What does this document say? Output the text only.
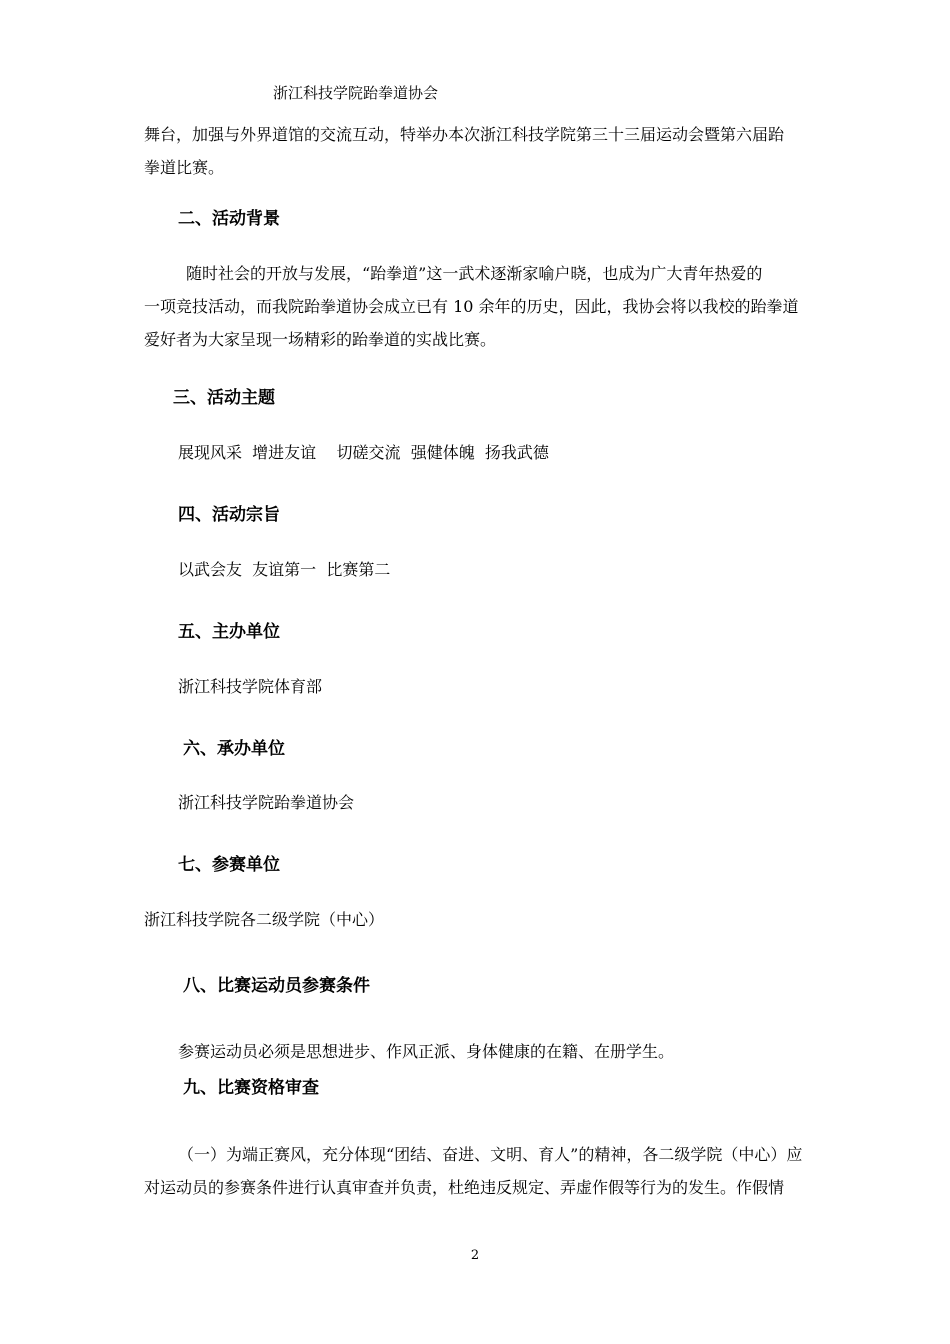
浙江科技学院跆拳道协会
舞台，加强与外界道馆的交流互动，特举办本次浙江科技学院第三十三届运动会暨第六届跆
拳道比赛。
二、活动背景
随时社会的开放与发展，“跆拳道”这一武术逐渐家喻户晓，也成为广大青年热爱的
一项竞技活动，而我院跆拳道协会成立已有 10 余年的历史，因此，我协会将以我校的跆拳道
爱好者为大家呈现一场精彩的跆拳道的实战比赛。
三、活动主题
展现风采  增进友谊    切磋交流  强健体魄  扬我武德
四、活动宗旨
以武会友  友谊第一  比赛第二
五、主办单位
浙江科技学院体育部
六、承办单位
浙江科技学院跆拳道协会
七、参赛单位
浙江科技学院各二级学院（中心）
八、比赛运动员参赛条件
参赛运动员必须是思想进步、作风正派、身体健康的在籍、在册学生。
九、比赛资格审查
（一）为端正赛风，充分体现“团结、奋进、文明、育人”的精神，各二级学院（中心）应
对运动员的参赛条件进行认真审查并负责，杜绝违反规定、弄虚作假等行为的发生。作假情
2
